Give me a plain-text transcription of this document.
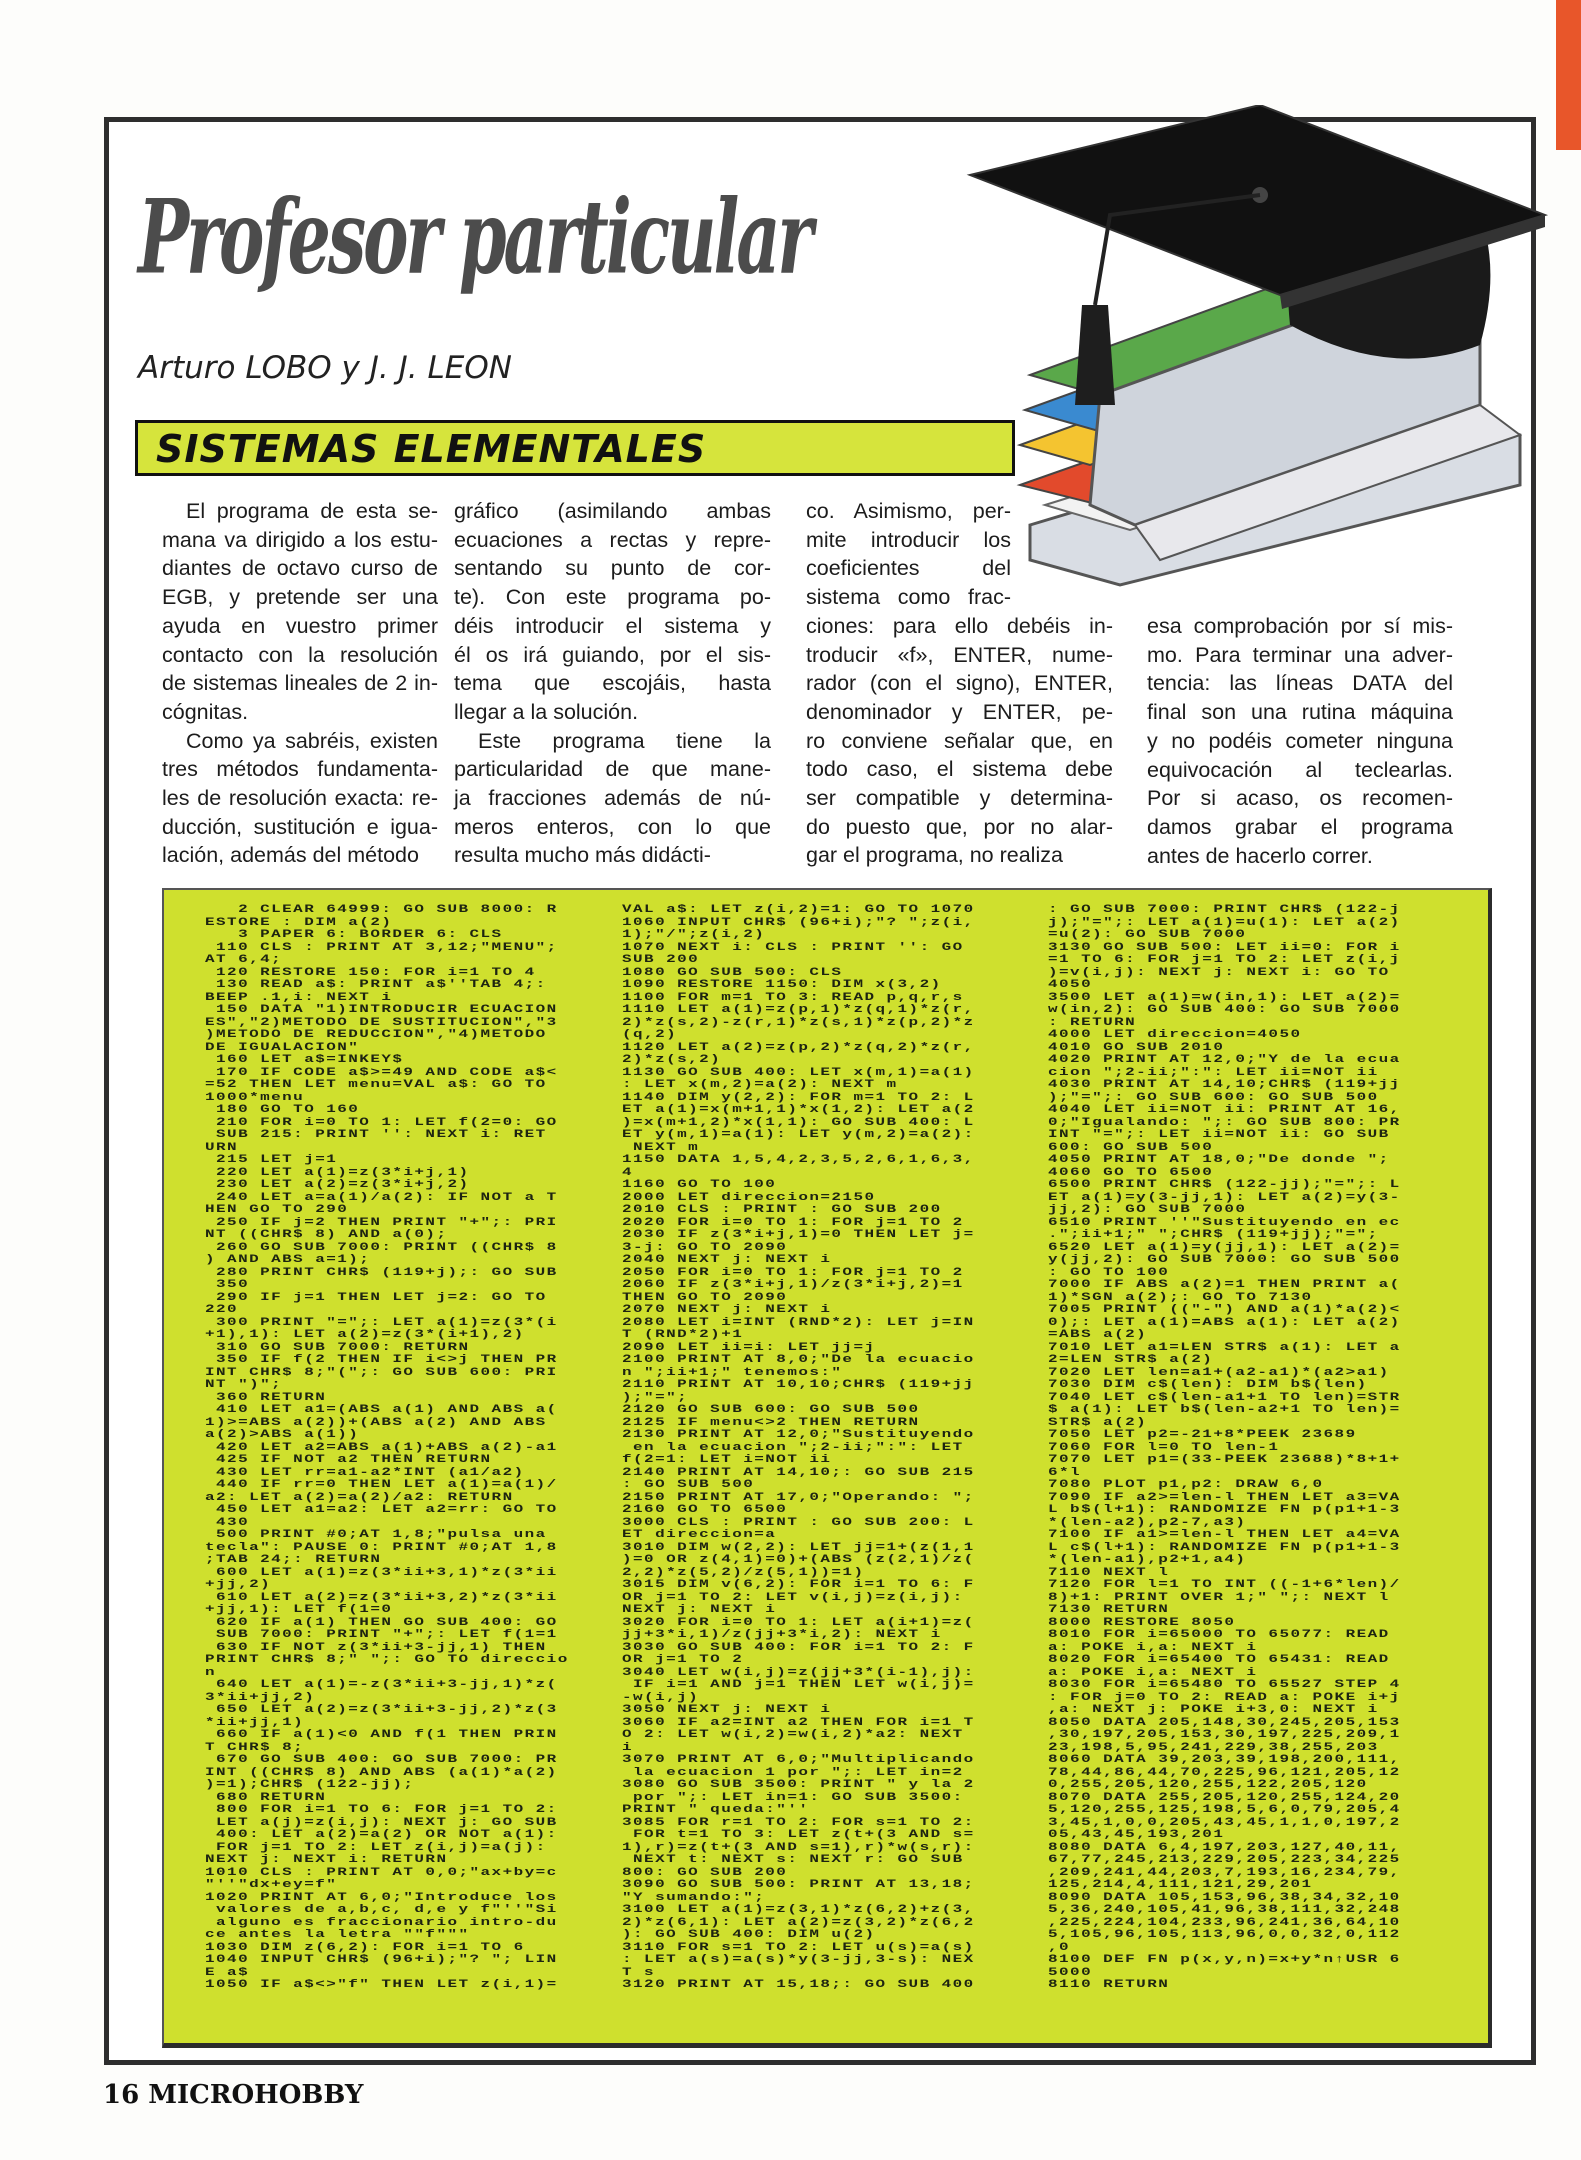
Profesor particular
Arturo LOBO y J. J. LEON
SISTEMAS ELEMENTALES
El programa de esta se-
mana va dirigido a los estu-
diantes de octavo curso de
EGB, y pretende ser una
ayuda en vuestro primer
contacto con la resolución
de sistemas lineales de 2 in-
cógnitas.
Como ya sabréis, existen
tres métodos fundamenta-
les de resolución exacta: re-
ducción, sustitución e igua-
lación, además del método
gráfico (asimilando ambas
ecuaciones a rectas y repre-
sentando su punto de cor-
te). Con este programa po-
déis introducir el sistema y
él os irá guiando, por el sis-
tema que escojáis, hasta
llegar a la solución.
Este programa tiene la
particularidad de que mane-
ja fracciones además de nú-
meros enteros, con lo que
resulta mucho más didácti-
co. Asimismo, per-
mite introducir los
coeficientes del
sistema como frac-
ciones: para ello debéis in-
troducir «f», ENTER, nume-
rador (con el signo), ENTER,
denominador y ENTER, pe-
ro conviene señalar que, en
todo caso, el sistema debe
ser compatible y determina-
do puesto que, por no alar-
gar el programa, no realiza
esa comprobación por sí mis-
mo. Para terminar una adver-
tencia: las líneas DATA del
final son una rutina máquina
y no podéis cometer ninguna
equivocación al teclearlas.
Por si acaso, os recomen-
damos grabar el programa
antes de hacerlo correr.
2 CLEAR 64999: GO SUB 8000: R
ESTORE : DIM a(2)
3 PAPER 6: BORDER 6: CLS
110 CLS : PRINT AT 3,12;"MENU";
AT 6,4;
120 RESTORE 150: FOR i=1 TO 4
130 READ a$: PRINT a$''TAB 4;:
BEEP .1,i: NEXT i
150 DATA "1)INTRODUCIR ECUACION
ES","2)METODO DE SUSTITUCION","3
)METODO DE REDUCCION","4)METODO
DE IGUALACION"
160 LET a$=INKEY$
170 IF CODE a$>=49 AND CODE a$<
=52 THEN LET menu=VAL a$: GO TO
1000*menu
180 GO TO 160
210 FOR i=0 TO 1: LET f(2=0: GO
SUB 215: PRINT '': NEXT i: RET
URN
215 LET j=1
220 LET a(1)=z(3*i+j,1)
230 LET a(2)=z(3*i+j,2)
240 LET a=a(1)/a(2): IF NOT a T
HEN GO TO 290
250 IF j=2 THEN PRINT "+";: PRI
NT ((CHR$ 8) AND a(0);
260 GO SUB 7000: PRINT ((CHR$ 8
) AND ABS a=1);
280 PRINT CHR$ (119+j);: GO SUB
350
290 IF j=1 THEN LET j=2: GO TO
220
300 PRINT "=";: LET a(1)=z(3*(i
+1),1): LET a(2)=z(3*(i+1),2)
310 GO SUB 7000: RETURN
350 IF f(2 THEN IF i<>j THEN PR
INT CHR$ 8;"(";: GO SUB 600: PRI
NT ")";
360 RETURN
410 LET a1=(ABS a(1) AND ABS a(
1)>=ABS a(2))+(ABS a(2) AND ABS
a(2)>ABS a(1))
420 LET a2=ABS a(1)+ABS a(2)-a1
425 IF NOT a2 THEN RETURN
430 LET rr=a1-a2*INT (a1/a2)
440 IF rr=0 THEN LET a(1)=a(1)/
a2: LET a(2)=a(2)/a2: RETURN
450 LET a1=a2: LET a2=rr: GO TO
430
500 PRINT #0;AT 1,8;"pulsa una
tecla": PAUSE 0: PRINT #0;AT 1,8
;TAB 24;: RETURN
600 LET a(1)=z(3*ii+3,1)*z(3*ii
+jj,2)
610 LET a(2)=z(3*ii+3,2)*z(3*ii
+jj,1): LET f(1=0
620 IF a(1) THEN GO SUB 400: GO
SUB 7000: PRINT "+";: LET f(1=1
630 IF NOT z(3*ii+3-jj,1) THEN
PRINT CHR$ 8;" ";: GO TO direccio
n
640 LET a(1)=-z(3*ii+3-jj,1)*z(
3*ii+jj,2)
650 LET a(2)=z(3*ii+3-jj,2)*z(3
*ii+jj,1)
660 IF a(1)<0 AND f(1 THEN PRIN
T CHR$ 8;
670 GO SUB 400: GO SUB 7000: PR
INT ((CHR$ 8) AND ABS (a(1)*a(2)
)=1);CHR$ (122-jj);
680 RETURN
800 FOR i=1 TO 6: FOR j=1 TO 2:
LET a(j)=z(i,j): NEXT j: GO SUB
400: LET a(2)=a(2) OR NOT a(1):
FOR j=1 TO 2: LET z(i,j)=a(j):
NEXT j: NEXT i: RETURN
1010 CLS : PRINT AT 0,0;"ax+by=c
"''"dx+ey=f"
1020 PRINT AT 6,0;"Introduce los
valores de a,b,c, d,e y f"''"Si
alguno es fraccionario intro-du
ce antes la letra ""f"""
1030 DIM z(6,2): FOR i=1 TO 6
1040 INPUT CHR$ (96+i);"? "; LIN
E a$
1050 IF a$<>"f" THEN LET z(i,1)=
VAL a$: LET z(i,2)=1: GO TO 1070
1060 INPUT CHR$ (96+i);"? ";z(i,
1);"/";z(i,2)
1070 NEXT i: CLS : PRINT '': GO
SUB 200
1080 GO SUB 500: CLS
1090 RESTORE 1150: DIM x(3,2)
1100 FOR m=1 TO 3: READ p,q,r,s
1110 LET a(1)=z(p,1)*z(q,1)*z(r,
2)*z(s,2)-z(r,1)*z(s,1)*z(p,2)*z
(q,2)
1120 LET a(2)=z(p,2)*z(q,2)*z(r,
2)*z(s,2)
1130 GO SUB 400: LET x(m,1)=a(1)
: LET x(m,2)=a(2): NEXT m
1140 DIM y(2,2): FOR m=1 TO 2: L
ET a(1)=x(m+1,1)*x(1,2): LET a(2
)=x(m+1,2)*x(1,1): GO SUB 400: L
ET y(m,1)=a(1): LET y(m,2)=a(2):
NEXT m
1150 DATA 1,5,4,2,3,5,2,6,1,6,3,
4
1160 GO TO 100
2000 LET direccion=2150
2010 CLS : PRINT : GO SUB 200
2020 FOR i=0 TO 1: FOR j=1 TO 2
2030 IF z(3*i+j,1)=0 THEN LET j=
3-j: GO TO 2090
2040 NEXT j: NEXT i
2050 FOR i=0 TO 1: FOR j=1 TO 2
2060 IF z(3*i+j,1)/z(3*i+j,2)=1
THEN GO TO 2090
2070 NEXT j: NEXT i
2080 LET i=INT (RND*2): LET j=IN
T (RND*2)+1
2090 LET ii=i: LET jj=j
2100 PRINT AT 8,0;"De la ecuacio
n ";ii+1;" tenemos:"
2110 PRINT AT 10,10;CHR$ (119+jj
);"=";
2120 GO SUB 600: GO SUB 500
2125 IF menu<>2 THEN RETURN
2130 PRINT AT 12,0;"Sustituyendo
en la ecuacion ";2-ii;":": LET
f(2=1: LET i=NOT ii
2140 PRINT AT 14,10;: GO SUB 215
: GO SUB 500
2150 PRINT AT 17,0;"Operando: ";
2160 GO TO 6500
3000 CLS : PRINT : GO SUB 200: L
ET direccion=a
3010 DIM w(2,2): LET jj=1+(z(1,1
)=0 OR z(4,1)=0)+(ABS (z(2,1)/z(
2,2)*z(5,2)/z(5,1))=1)
3015 DIM v(6,2): FOR i=1 TO 6: F
OR j=1 TO 2: LET v(i,j)=z(i,j):
NEXT j: NEXT i
3020 FOR i=0 TO 1: LET a(i+1)=z(
jj+3*i,1)/z(jj+3*i,2): NEXT i
3030 GO SUB 400: FOR i=1 TO 2: F
OR j=1 TO 2
3040 LET w(i,j)=z(jj+3*(i-1),j):
IF i=1 AND j=1 THEN LET w(i,j)=
-w(i,j)
3050 NEXT j: NEXT i
3060 IF a2=INT a2 THEN FOR i=1 T
O 2: LET w(i,2)=w(i,2)*a2: NEXT
i
3070 PRINT AT 6,0;"Multiplicando
la ecuacion 1 por ";: LET in=2
3080 GO SUB 3500: PRINT " y la 2
por ";: LET in=1: GO SUB 3500:
PRINT " queda:"''
3085 FOR r=1 TO 2: FOR s=1 TO 2:
FOR t=1 TO 3: LET z(t+(3 AND s=
1),r)=z(t+(3 AND s=1),r)*w(s,r):
NEXT t: NEXT s: NEXT r: GO SUB
800: GO SUB 200
3090 GO SUB 500: PRINT AT 13,18;
"Y sumando:";
3100 LET a(1)=z(3,1)*z(6,2)+z(3,
2)*z(6,1): LET a(2)=z(3,2)*z(6,2
): GO SUB 400: DIM u(2)
3110 FOR s=1 TO 2: LET u(s)=a(s)
: LET a(s)=a(s)*y(3-jj,3-s): NEX
T s
3120 PRINT AT 15,18;: GO SUB 400
: GO SUB 7000: PRINT CHR$ (122-j
j);"=";: LET a(1)=u(1): LET a(2)
=u(2): GO SUB 7000
3130 GO SUB 500: LET ii=0: FOR i
=1 TO 6: FOR j=1 TO 2: LET z(i,j
)=v(i,j): NEXT j: NEXT i: GO TO
4050
3500 LET a(1)=w(in,1): LET a(2)=
w(in,2): GO SUB 400: GO SUB 7000
: RETURN
4000 LET direccion=4050
4010 GO SUB 2010
4020 PRINT AT 12,0;"Y de la ecua
cion ";2-ii;":": LET ii=NOT ii
4030 PRINT AT 14,10;CHR$ (119+jj
);"=";: GO SUB 600: GO SUB 500
4040 LET ii=NOT ii: PRINT AT 16,
0;"Igualando: ";: GO SUB 800: PR
INT "=";: LET ii=NOT ii: GO SUB
600: GO SUB 500
4050 PRINT AT 18,0;"De donde ";
4060 GO TO 6500
6500 PRINT CHR$ (122-jj);"=";: L
ET a(1)=y(3-jj,1): LET a(2)=y(3-
jj,2): GO SUB 7000
6510 PRINT ''"Sustituyendo en ec
.";ii+1;" ";CHR$ (119+jj);"=";
6520 LET a(1)=y(jj,1): LET a(2)=
y(jj,2): GO SUB 7000: GO SUB 500
: GO TO 100
7000 IF ABS a(2)=1 THEN PRINT a(
1)*SGN a(2);: GO TO 7130
7005 PRINT (("-") AND a(1)*a(2)<
0);: LET a(1)=ABS a(1): LET a(2)
=ABS a(2)
7010 LET a1=LEN STR$ a(1): LET a
2=LEN STR$ a(2)
7020 LET len=a1+(a2-a1)*(a2>a1)
7030 DIM c$(len): DIM b$(len)
7040 LET c$(len-a1+1 TO len)=STR
$ a(1): LET b$(len-a2+1 TO len)=
STR$ a(2)
7050 LET p2=-21+8*PEEK 23689
7060 FOR l=0 TO len-1
7070 LET p1=(33-PEEK 23688)*8+1+
6*l
7080 PLOT p1,p2: DRAW 6,0
7090 IF a2>=len-l THEN LET a3=VA
L b$(l+1): RANDOMIZE FN p(p1+1-3
*(len-a2),p2-7,a3)
7100 IF a1>=len-l THEN LET a4=VA
L c$(l+1): RANDOMIZE FN p(p1+1-3
*(len-a1),p2+1,a4)
7110 NEXT l
7120 FOR l=1 TO INT ((-1+6*len)/
8)+1: PRINT OVER 1;" ";: NEXT l
7130 RETURN
8000 RESTORE 8050
8010 FOR i=65000 TO 65077: READ
a: POKE i,a: NEXT i
8020 FOR i=65400 TO 65431: READ
a: POKE i,a: NEXT i
8030 FOR i=65480 TO 65527 STEP 4
: FOR j=0 TO 2: READ a: POKE i+j
,a: NEXT j: POKE i+3,0: NEXT i
8050 DATA 205,148,30,245,205,153
,30,197,205,153,30,197,225,209,1
23,198,5,95,241,229,38,255,203
8060 DATA 39,203,39,198,200,111,
78,44,86,44,70,225,96,121,205,12
0,255,205,120,255,122,205,120
8070 DATA 255,205,120,255,124,20
5,120,255,125,198,5,6,0,79,205,4
3,45,1,0,0,205,43,45,1,1,0,197,2
05,43,45,193,201
8080 DATA 6,4,197,203,127,40,11,
67,77,245,213,229,205,223,34,225
,209,241,44,203,7,193,16,234,79,
125,214,4,111,121,29,201
8090 DATA 105,153,96,38,34,32,10
5,36,240,105,41,96,38,111,32,248
,225,224,104,233,96,241,36,64,10
5,105,96,105,113,96,0,0,32,0,112
,0
8100 DEF FN p(x,y,n)=x+y*n↑USR 6
5000
8110 RETURN
16 MICROHOBBY
